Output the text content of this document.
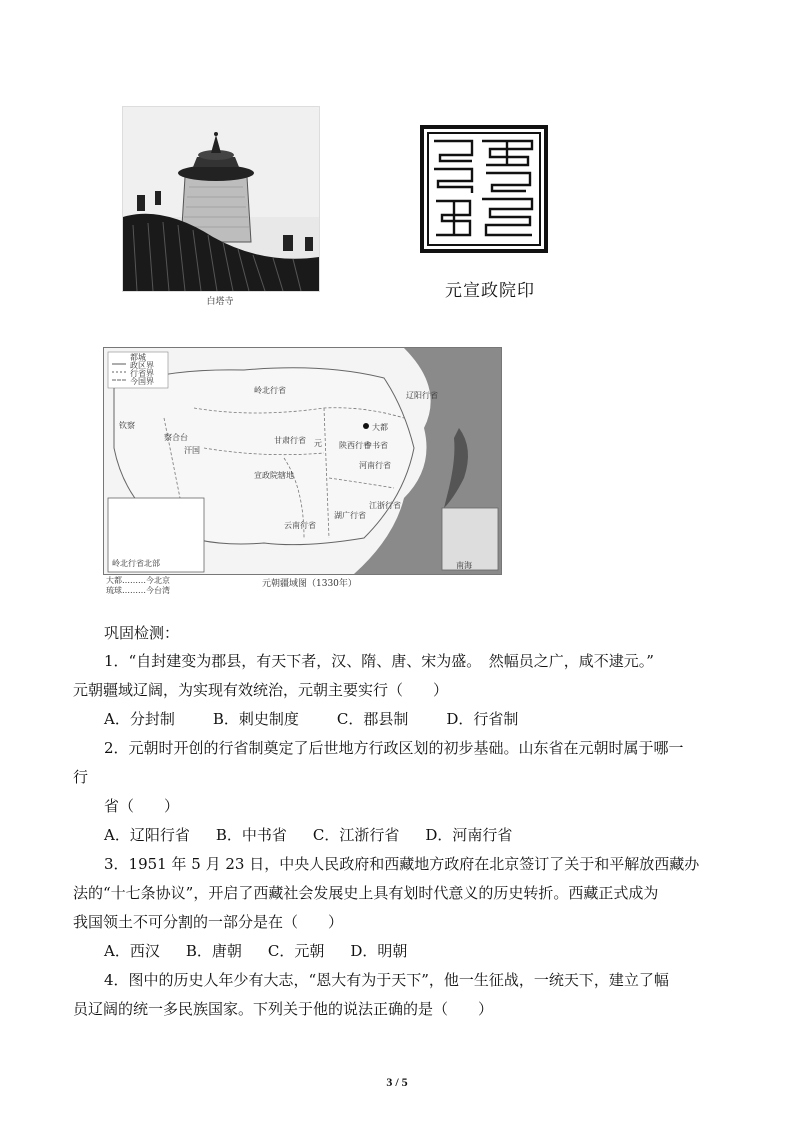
白塔寺
元宣政院印
岭北行省
辽阳行省
钦察
汗国
察合台
大都
元
甘肃行省
陕西行省
宣政院辖地
河南行省
江浙行省
湖广行省
云南行省
中书省
岭北行省北部	南海
都城
政区界
行省界
今国界
元朝疆域图（1330年）
大都………今北京
琉球………今台湾
巩固检测：
1．“自封建变为郡县，有天下者，汉、隋、唐、宋为盛。　然幅员之广，咸不逮元。”
元朝疆域辽阔，为实现有效统治，元朝主要实行（　　）
A．分封制	B．刺史制度	C．郡县制	D．行省制
2．元朝时开创的行省制奠定了后世地方行政区划的初步基础。山东省在元朝时属于哪一
行
省（　　）
A．辽阳行省 B．中书省 C．江浙行省 D．河南行省
3．1951 年 5 月 23 日，中央人民政府和西藏地方政府在北京签订了关于和平解放西藏办
法的“十七条协议”，开启了西藏社会发展史上具有划时代意义的历史转折。西藏正式成为
我国领土不可分割的一部分是在（　　）
A．西汉 B．唐朝 C．元朝 D．明朝
4．图中的历史人年少有大志，“恩大有为于天下”，他一生征战，一统天下，建立了幅
员辽阔的统一多民族国家。下列关于他的说法正确的是（　　）
3 / 5
